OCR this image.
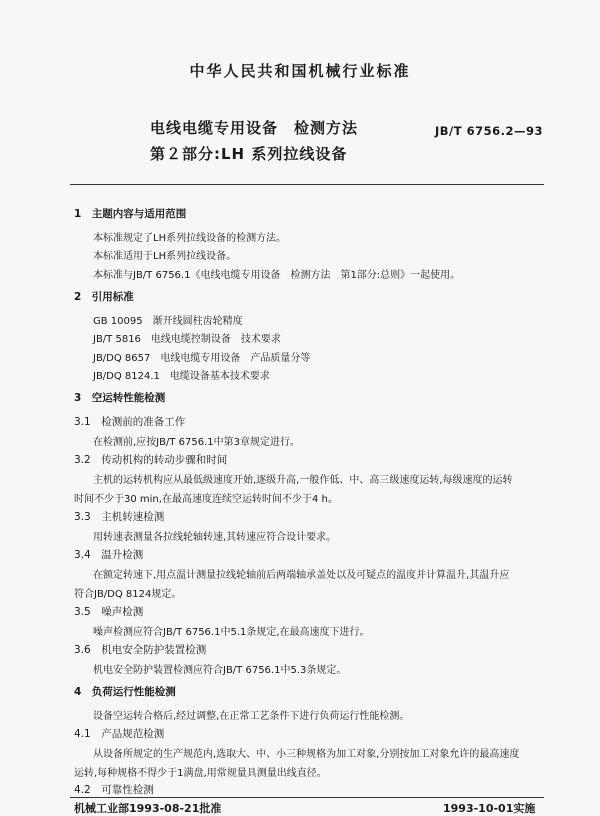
中华人民共和国机械行业标准
电线电缆专用设备　检测方法
第２部分:LH 系列拉线设备
JB/T 6756.2—93
1　主题内容与适用范围
本标准规定了LH系列拉线设备的检测方法。
本标准适用于LH系列拉线设备。
本标准与JB/T 6756.1《电线电缆专用设备　检测方法　第1部分:总则》一起使用。
2　引用标准
GB 10095　渐开线圆柱齿轮精度
JB/T 5816　电线电缆控制设备　技术要求
JB/DQ 8657　电线电缆专用设备　产品质量分等
JB/DQ 8124.1　电缆设备基本技术要求
3　空运转性能检测
3.1　检测前的准备工作
在检测前,应按JB/T 6756.1中第3章规定进行。
3.2　传动机构的转动步骤和时间
主机的运转机构应从最低级速度开始,逐级升高,一般作低、中、高三级速度运转,每级速度的运转
时间不少于30 min,在最高速度连续空运转时间不少于4 h。
3.3　主机转速检测
用转速表测量各拉线轮轴转速,其转速应符合设计要求。
3.4　温升检测
在额定转速下,用点温计测量拉线轮轴前后两端轴承盖处以及可疑点的温度并计算温升,其温升应
符合JB/DQ 8124规定。
3.5　噪声检测
噪声检测应符合JB/T 6756.1中5.1条规定,在最高速度下进行。
3.6　机电安全防护装置检测
机电安全防护装置检测应符合JB/T 6756.1中5.3条规定。
4　负荷运行性能检测
设备空运转合格后,经过调整,在正常工艺条件下进行负荷运行性能检测。
4.1　产品规范检测
从设备所规定的生产规范内,选取大、中、小三种规格为加工对象,分别按加工对象允许的最高速度
运转,每种规格不得少于1满盘,用常规量具测量出线直径。
4.2　可靠性检测
机械工业部1993-08-21批准	1993-10-01实施
